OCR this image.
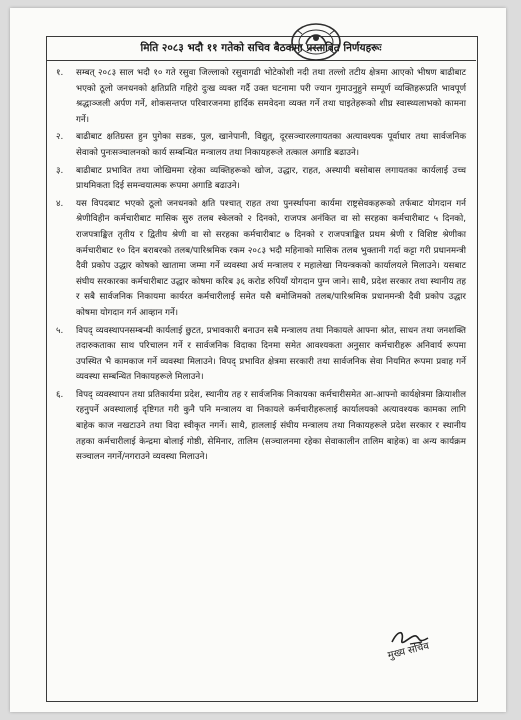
मिति २०८३ भदौ ११ गतेको सचिव बैठकमा प्रस्तावित निर्णयहरूः
१.	सम्बत् २०८३ साल भदौ १० गते रसुवा जिल्लाको रसुवागढी भोटेकोशी नदी तथा तल्लो तटीय क्षेत्रमा आएको भीषण बाढीबाट भएको ठूलो जनधनको क्षतिप्रति गहिरो दुःख व्यक्त गर्दै उक्त घटनामा परी ज्यान गुमाउनुहुने सम्पूर्ण व्यक्तिहरूप्रति भावपूर्ण श्रद्धाञ्जली अर्पण गर्ने, शोकसन्तप्त परिवारजनमा हार्दिक समवेदना व्यक्त गर्ने तथा घाइतेहरूको शीघ्र स्वास्थ्यलाभको कामना गर्ने।
२.	बाढीबाट क्षतिग्रस्त हुन पुगेका सडक, पुल, खानेपानी, विद्युत्, दूरसञ्चारलगायतका अत्यावश्यक पूर्वाधार तथा सार्वजनिक सेवाको पुनःसञ्चालनको कार्य सम्बन्धित मन्त्रालय तथा निकायहरूले तत्काल अगाडि बढाउने।
३.	बाढीबाट प्रभावित तथा जोखिममा रहेका व्यक्तिहरूको खोज, उद्धार, राहत, अस्थायी बसोबास लगायतका कार्यलाई उच्च प्राथमिकता दिई समन्वयात्मक रूपमा अगाडि बढाउने।
४.	यस विपदबाट भएको ठूलो जनधनको क्षति पश्चात् राहत तथा पुनर्स्थापना कार्यमा राष्ट्रसेवकहरूको तर्फबाट योगदान गर्न श्रेणीविहीन कर्मचारीबाट मासिक सुरु तलब स्केलको २ दिनको, राजपत्र अनंकित वा सो सरहका कर्मचारीबाट ५ दिनको, राजपत्राङ्कित तृतीय र द्वितीय श्रेणी वा सो सरहका कर्मचारीबाट ७ दिनको र राजपत्राङ्कित प्रथम श्रेणी र विशिष्ट श्रेणीका कर्मचारीबाट १० दिन बराबरको तलब/पारिश्रमिक रकम २०८३ भदौ महिनाको मासिक तलब भुक्तानी गर्दा कट्टा गरी प्रधानमन्त्री दैवी प्रकोप उद्धार कोषको खातामा जम्मा गर्ने व्यवस्था अर्थ मन्त्रालय र महालेखा नियन्त्रकको कार्यालयले मिलाउने। यसबाट संघीय सरकारका कर्मचारीबाट उद्धार कोषमा करिब ३६ करोड रुपियाँ योगदान पुग्न जाने। साथै, प्रदेश सरकार तथा स्थानीय तह र सबै सार्वजनिक निकायमा कार्यरत कर्मचारीलाई समेत यसै बमोजिमको तलब/पारिश्रमिक प्रधानमन्त्री दैवी प्रकोप उद्धार कोषमा योगदान गर्न आव्हान गर्ने।
५.	विपद् व्यवस्थापनसम्बन्धी कार्यलाई छुटत, प्रभावकारी बनाउन सबै मन्त्रालय तथा निकायले आफ्ना श्रोत, साधन तथा जनशक्ति तदारुकताका साथ परिचालन गर्ने र सार्वजनिक विदाका दिनमा समेत आवश्यकता अनुसार कर्मचारीहरू अनिवार्य रूपमा उपस्थित भै कामकाज गर्ने व्यवस्था मिलाउने। विपद् प्रभावित क्षेत्रमा सरकारी तथा सार्वजनिक सेवा नियमित रूपमा प्रवाह गर्ने व्यवस्था सम्बन्धित निकायहरूले मिलाउने।
६.	विपद् व्यवस्थापन तथा प्रतिकार्यमा प्रदेश, स्थानीय तह र सार्वजनिक निकायका कर्मचारीसमेत आ-आफ्नो कार्यक्षेत्रमा क्रियाशील रहनुपर्ने अवस्थालाई दृष्टिगत गरी कुनै पनि मन्त्रालय वा निकायले कर्मचारीहरूलाई कार्यालयको अत्यावश्यक कामका लागि बाहेक काज नखटाउने तथा विदा स्वीकृत नगर्ने। साथै, हाललाई संघीय मन्त्रालय तथा निकायहरूले प्रदेश सरकार र स्थानीय तहका कर्मचारीलाई केन्द्रमा बोलाई गोष्ठी, सेमिनार, तालिम (सञ्चालनमा रहेका सेवाकालीन तालिम बाहेक) वा अन्य कार्यक्रम सञ्चालन नगर्ने/नगराउने व्यवस्था मिलाउने।
मुख्य सचिव
